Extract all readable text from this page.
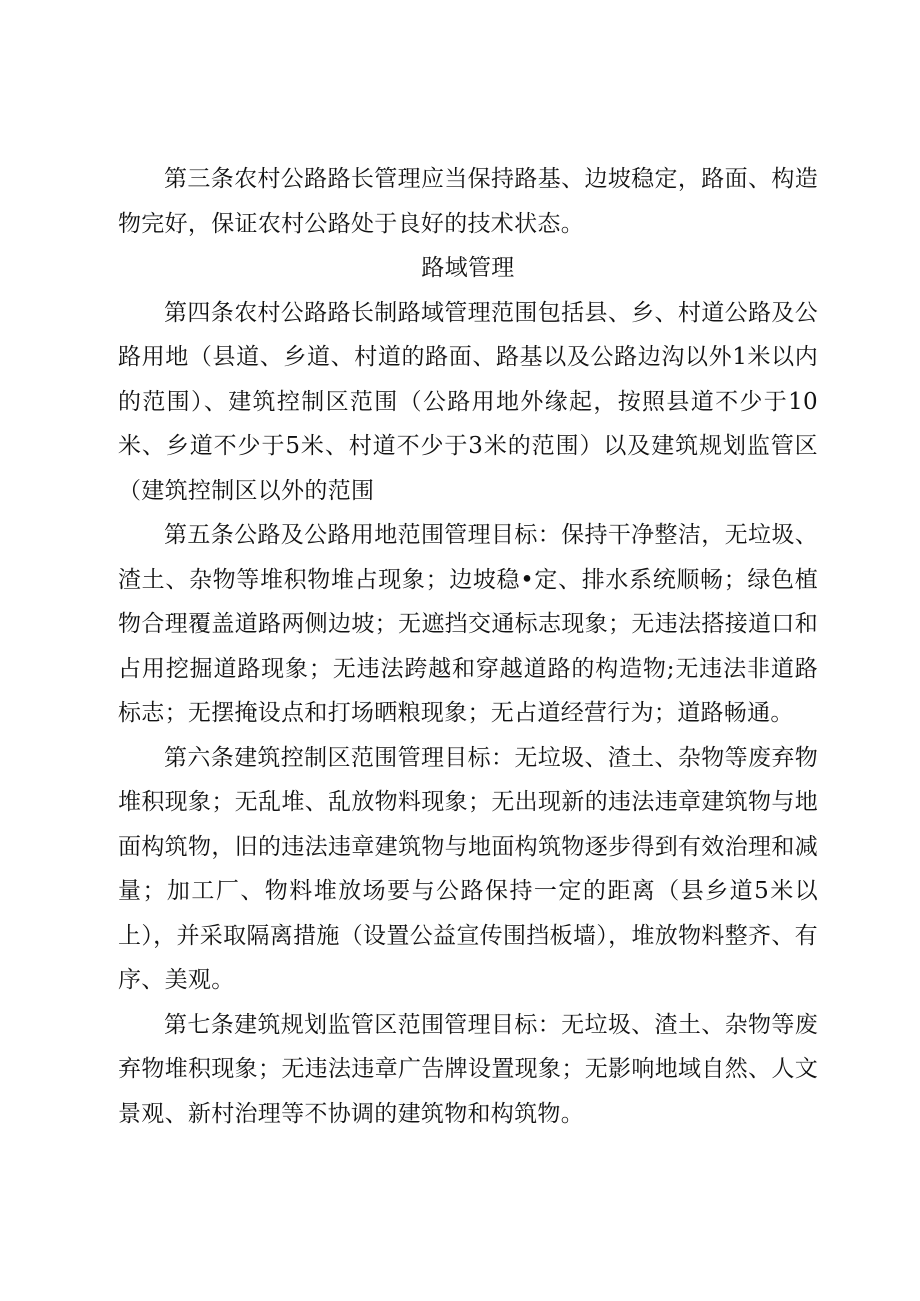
第三条农村公路路长管理应当保持路基、边坡稳定，路面、构造物完好，保证农村公路处于良好的技术状态。

路域管理

第四条农村公路路长制路域管理范围包括县、乡、村道公路及公路用地（县道、乡道、村道的路面、路基以及公路边沟以外1米以内的范围）、建筑控制区范围（公路用地外缘起，按照县道不少于10米、乡道不少于5米、村道不少于3米的范围）以及建筑规划监管区（建筑控制区以外的范围

第五条公路及公路用地范围管理目标：保持干净整洁，无垃圾、渣土、杂物等堆积物堆占现象；边坡稳•定、排水系统顺畅；绿色植物合理覆盖道路两侧边坡；无遮挡交通标志现象；无违法搭接道口和占用挖掘道路现象；无违法跨越和穿越道路的构造物;无违法非道路标志；无摆掩设点和打场晒粮现象；无占道经营行为；道路畅通。

第六条建筑控制区范围管理目标：无垃圾、渣土、杂物等废弃物堆积现象；无乱堆、乱放物料现象；无出现新的违法违章建筑物与地面构筑物，旧的违法违章建筑物与地面构筑物逐步得到有效治理和减量；加工厂、物料堆放场要与公路保持一定的距离（县乡道5米以上），并采取隔离措施（设置公益宣传围挡板墙），堆放物料整齐、有序、美观。

第七条建筑规划监管区范围管理目标：无垃圾、渣土、杂物等废弃物堆积现象；无违法违章广告牌设置现象；无影响地域自然、人文景观、新村治理等不协调的建筑物和构筑物。
